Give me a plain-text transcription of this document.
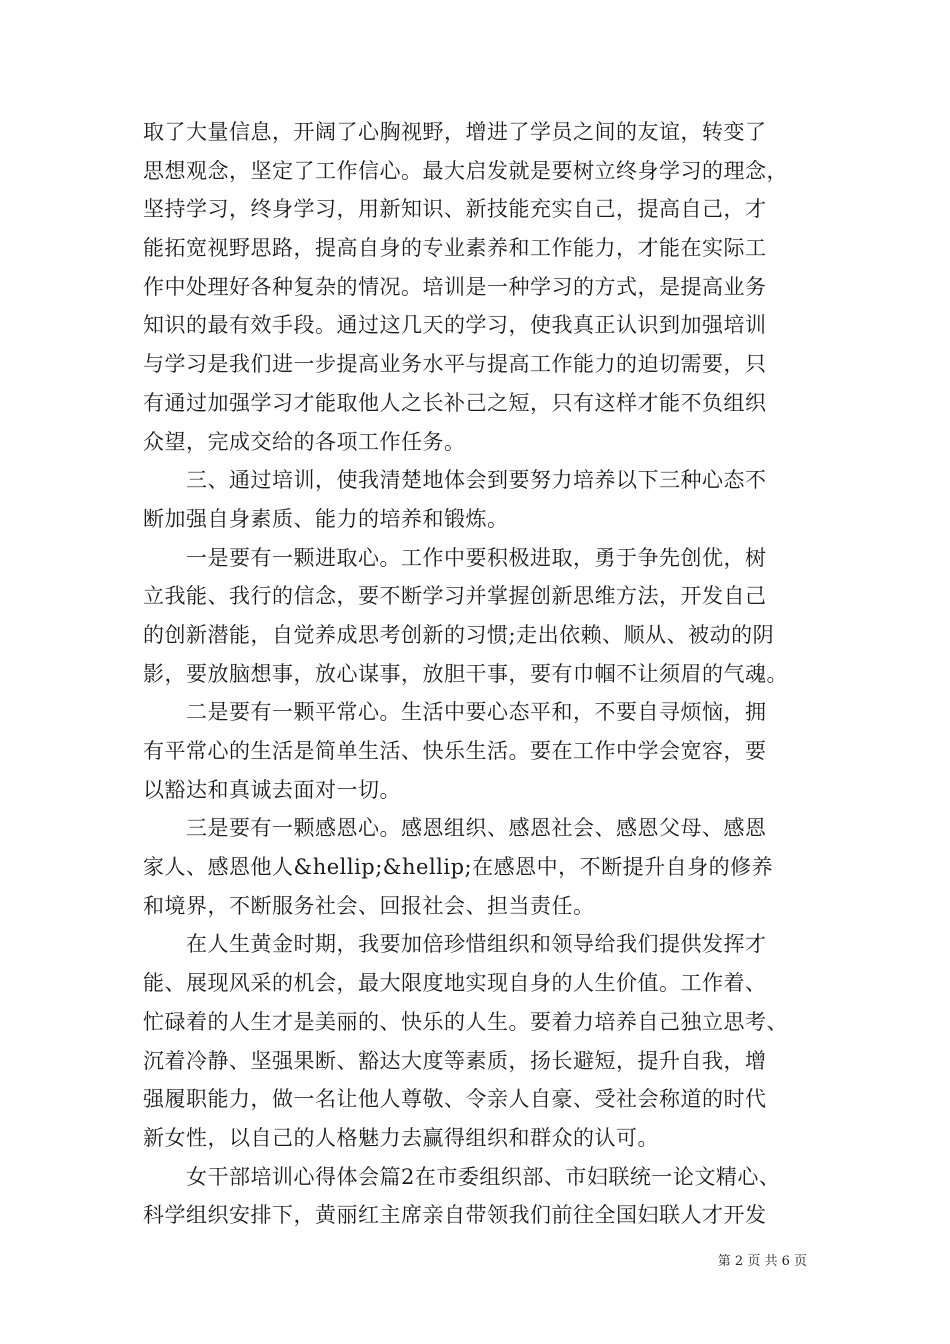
取了大量信息，开阔了心胸视野，增进了学员之间的友谊，转变了
思想观念，坚定了工作信心。最大启发就是要树立终身学习的理念，
坚持学习，终身学习，用新知识、新技能充实自己，提高自己，才
能拓宽视野思路，提高自身的专业素养和工作能力，才能在实际工
作中处理好各种复杂的情况。培训是一种学习的方式，是提高业务
知识的最有效手段。通过这几天的学习，使我真正认识到加强培训
与学习是我们进一步提高业务水平与提高工作能力的迫切需要，只
有通过加强学习才能取他人之长补己之短，只有这样才能不负组织
众望，完成交给的各项工作任务。
　　三、通过培训，使我清楚地体会到要努力培养以下三种心态不
断加强自身素质、能力的培养和锻炼。
　　一是要有一颗进取心。工作中要积极进取，勇于争先创优，树
立我能、我行的信念，要不断学习并掌握创新思维方法，开发自己
的创新潜能，自觉养成思考创新的习惯;走出依赖、顺从、被动的阴
影，要放脑想事，放心谋事，放胆干事，要有巾帼不让须眉的气魂。
　　二是要有一颗平常心。生活中要心态平和，不要自寻烦恼，拥
有平常心的生活是简单生活、快乐生活。要在工作中学会宽容，要
以豁达和真诚去面对一切。
　　三是要有一颗感恩心。感恩组织、感恩社会、感恩父母、感恩
家人、感恩他人&hellip;&hellip;在感恩中，不断提升自身的修养
和境界，不断服务社会、回报社会、担当责任。
　　在人生黄金时期，我要加倍珍惜组织和领导给我们提供发挥才
能、展现风采的机会，最大限度地实现自身的人生价值。工作着、
忙碌着的人生才是美丽的、快乐的人生。要着力培养自己独立思考、
沉着冷静、坚强果断、豁达大度等素质，扬长避短，提升自我，增
强履职能力，做一名让他人尊敬、令亲人自豪、受社会称道的时代
新女性，以自己的人格魅力去赢得组织和群众的认可。
　　女干部培训心得体会篇2在市委组织部、市妇联统一论文精心、
科学组织安排下，黄丽红主席亲自带领我们前往全国妇联人才开发
第 2 页 共 6 页
